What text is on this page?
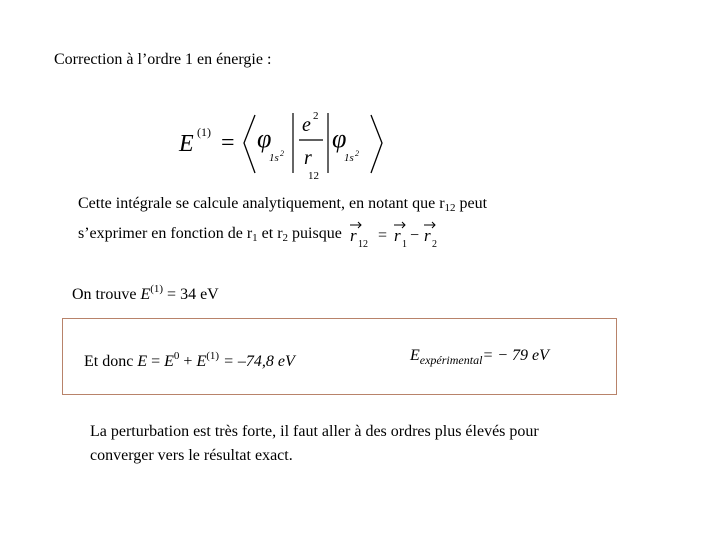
Correction à l’ordre 1 en énergie :
E (1) = φ
1s 2
e 2
r
12
φ
1s 2
Cette intégrale se calcule analytiquement, en notant que $r_{12}$ peut
s’exprimer en fonction de $r_1$ et $r_2$ puisque r 12
= r 1
− r 2
On trouve $E^{(1)} = 34$ eV
Et donc $E = E^0 + E^{(1)} = -74,8$ eV	$E_{expérimental}= - 79$ eV
La perturbation est très forte, il faut aller à des ordres plus élevés pour
converger vers le résultat exact.
